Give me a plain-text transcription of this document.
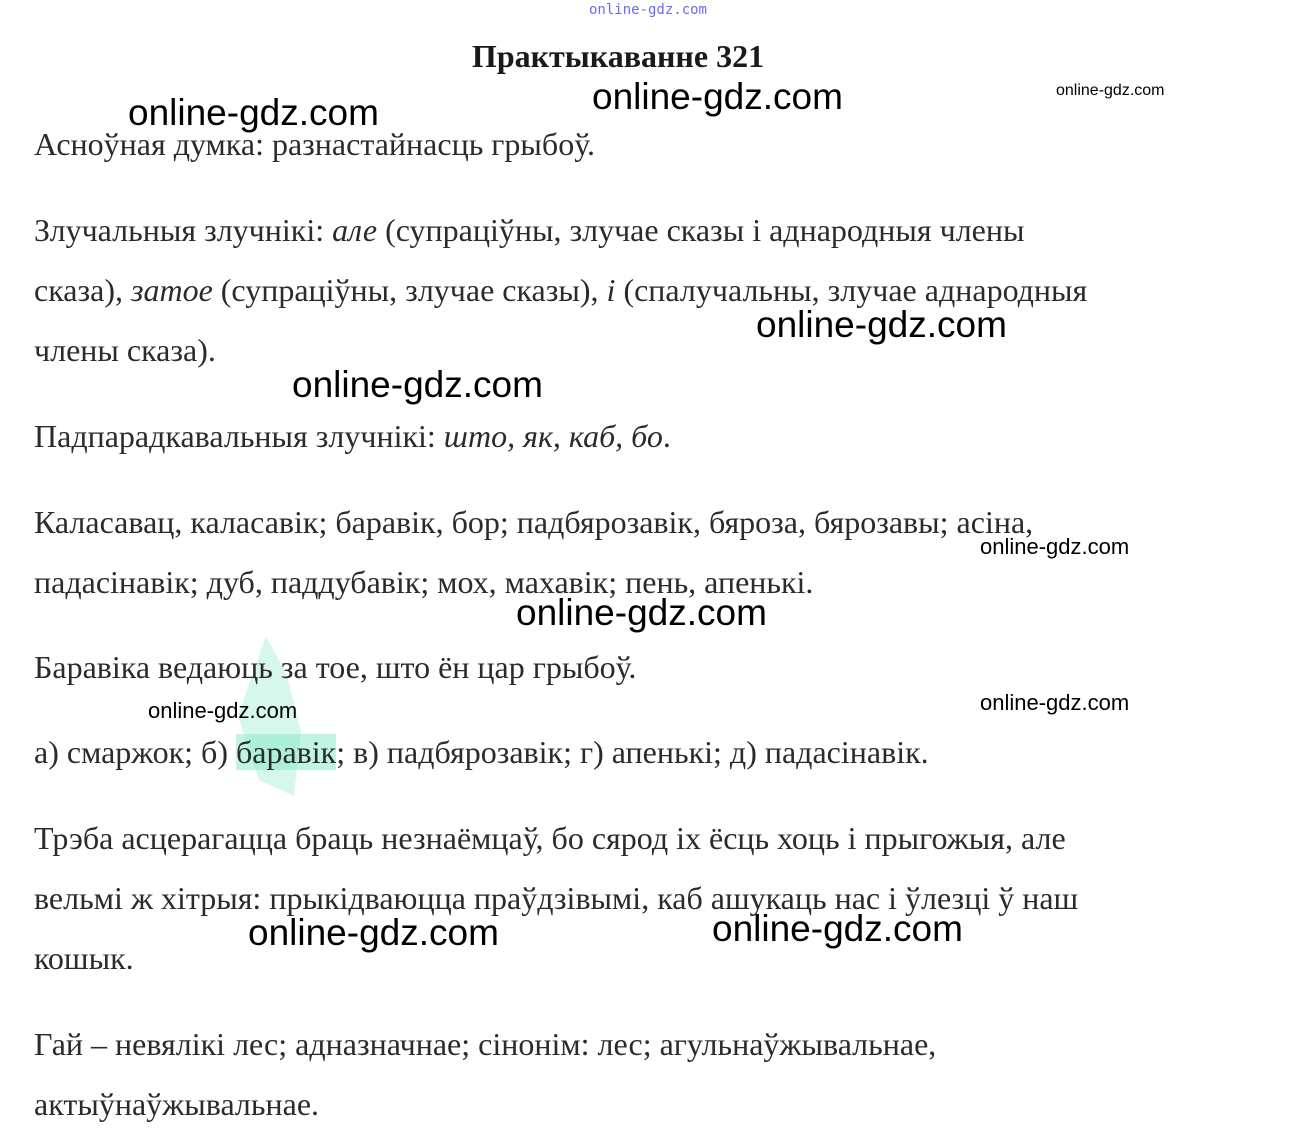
online-gdz.com
Практыкаванне 321
Асноўная думка: разнастайнасць грыбоў.
Злучальныя злучнікі: але (супраціўны, злучае сказы і аднародныя члены
сказа), затое (супраціўны, злучае сказы), і (спалучальны, злучае аднародныя
члены сказа).
Падпарадкавальныя злучнікі: што, як, каб, бо.
Каласавац, каласавік; баравік, бор; падбярозавік, бяроза, бярозавы; асіна,
падасінавік; дуб, паддубавік; мох, махавік; пень, апенькі.
Баравіка ведаюць за тое, што ён цар грыбоў.
а) смаржок; б) баравік; в) падбярозавік; г) апенькі; д) падасінавік.
Трэба асцерагацца браць незнаёмцаў, бо сярод іх ёсць хоць і прыгожыя, але
вельмі ж хітрыя: прыкідваюцца праўдзівымі, каб ашукаць нас і ўлезці ў наш
кошык.
Гай – невялікі лес; адназначнае; сінонім: лес; агульнаўжывальнае,
актыўнаўжывальнае.
online-gdz.com	online-gdz.com	online-gdz.com
online-gdz.com
online-gdz.com
online-gdz.com
online-gdz.com
online-gdz.com
online-gdz.com
online-gdz.com	online-gdz.com
